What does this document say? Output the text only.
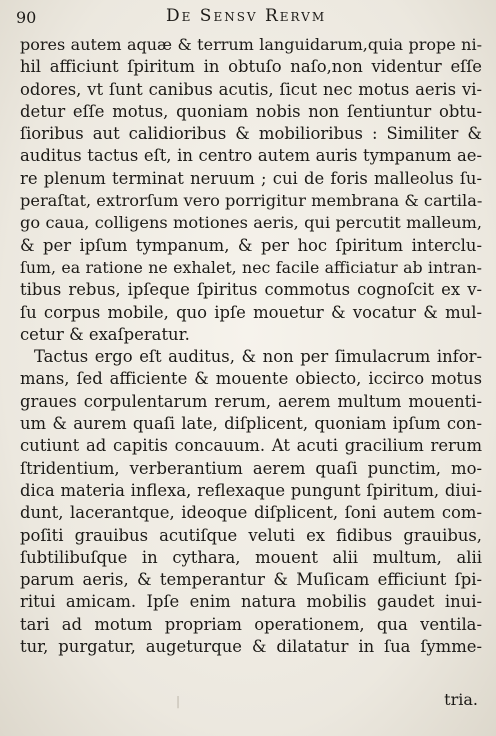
90	De Sensv Rervm
pores autem aquæ & terrum languidarum,quia prope ni-
hil afficiunt ſpiritum in obtuſo naſo,non videntur eſſe
odores, vt ſunt canibus acutis, ſicut nec motus aeris vi-
detur eſſe motus, quoniam nobis non ſentiuntur obtu-
ſioribus aut calidioribus & mobilioribus : Similiter &
auditus tactus eſt, in centro autem auris tympanum ae-
re plenum terminat neruum ; cui de foris malleolus ſu-
peraſtat, extrorſum vero porrigitur membrana & cartila-
go caua, colligens motiones aeris, qui percutit malleum,
& per ipſum tympanum, & per hoc ſpiritum interclu-
ſum, ea ratione ne exhalet, nec facile afficiatur ab intran-
tibus rebus, ipſeque ſpiritus commotus cognoſcit ex v-
ſu corpus mobile, quo ipſe mouetur & vocatur & mul-
cetur & exaſperatur.
Tactus ergo eſt auditus, & non per ſimulacrum infor-
mans, ſed afficiente & mouente obiecto, iccirco motus
graues corpulentarum rerum, aerem multum mouenti-
um & aurem quaſi late, diſplicent, quoniam ipſum con-
cutiunt ad capitis concauum. At acuti gracilium rerum
ſtridentium, verberantium aerem quaſi punctim, mo-
dica materia inflexa, reflexaque pungunt ſpiritum, diui-
dunt, lacerantque, ideoque diſplicent, ſoni autem com-
poſiti grauibus acutiſque veluti ex fidibus grauibus,
ſubtilibuſque in cythara, mouent alii multum, alii
parum aeris, & temperantur & Muſicam efficiunt ſpi-
ritui amicam. Ipſe enim natura mobilis gaudet inui-
tari ad motum propriam operationem, qua ventila-
tur, purgatur, augeturque & dilatatur in ſua ſymme-
|	tria.
